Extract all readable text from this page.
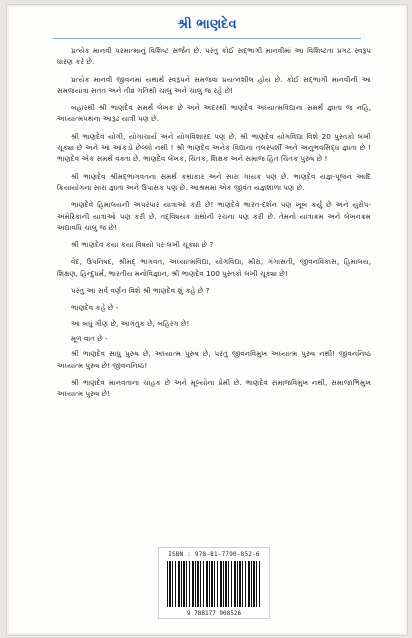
શ્રી ભાણદેવ

પ્રત્યેક માનવી પરમાત્માનું વિશિષ્ટ સર્જન છે. પરંતુ કોઈ સદ્‌ભાગી માનવીમાં આ વિશિષ્ટતા પ્રગટ સ્વરૂપ ધારણ કરે છે.

પ્રત્યેક માનવી જીવનમાં યથાર્થ સ્વરૂપને સમજવા પ્રયત્નશીલ હોય છે. કોઈ સદ્‌ભાગી માનવીની આ સમજયાત્રા સતત અને તીવ્ર ગતિથી ચાલુ અને ચાલુ જ રહે છે!

બહારથી શ્રી ભાણદેવ સમર્થ લેખક છે અને અંદરથી ભાણદેવ અધ્યાત્મવિદ્યાના સમર્થ જ્ઞાતા જ નહિ, અધ્યાત્મપથના આરૂઢ યાત્રી પણ છે.

શ્રી ભાણદેવ યોગી, યોગાચાર્ય અને યોગવિશારદ પણ છે. શ્રી ભાણદેવ યોગવિદ્યા વિશે 20 પુસ્તકો લખી ચૂક્યા છે અને આ આંકડો છેલ્લો નથી ! શ્રી ભાણદેવ અનેક વિદ્યાના તલસ્પર્શી અને અનુભવસિદ્ધ જ્ઞાતા છે ! ભાણદેવ એક સમર્થ વક્તા છે. ભાણદેવ લેખક, ચિંતક, શિક્ષક અને સમાજ હિત ચિંતક પુરુષ છે !

શ્રી ભાણદેવ શ્રીમદ્‌ભાગવતના સમર્થ કથાકાર અને સારા ગાયક પણ છે. ભાણદેવ યજ્ઞ-પૂજન આદિ ક્રિયાયોગના સારા જ્ઞાતા અને ઉપાસક પણ છે. આશ્રમમાં એક જીવંત યજ્ઞશાળા પણ છે.

ભાણદેવે હિમાલયની અપરંપાર યાત્રાઓ કરી છે! ભાણદેવે ભારત-દર્શન પણ ખૂબ કર્યું છે અને યુરોપ-અમેરિકાની યાત્રાઓ પણ કરી છે. તદ્‌વિષયક ગ્રંથોની રચના પણ કરી છે. તેમનો યાત્રાક્રમ અને લેખનક્રમ અદ્યાવધિ ચાલુ જ છે!

શ્રી ભાણદેવ કયા કયા વિષયો પર લખી ચૂક્યા છે ?

વેદ, ઉપનિષદ, શ્રીમદ્ ભાગવત, અધ્યાત્મવિદ્યા, યોગવિદ્યા, મીરાં, ગંગાસતી, જીવનવિકાસ, હિમાલય, શિક્ષણ, હિન્દુધર્મ, ભારતીય મનોવિજ્ઞાન, શ્રી ભાણદેવ 100 પુસ્તકો લખી ચૂક્યા છે!

પરંતુ આ સર્વ વર્ણન વિશે શ્રી ભાણદેવ શું કહે છે ?

ભાણદેવ કહે છે -

આ બધું ગૌણ છે, આગંતુક છે, બહિરંગ છે!

મૂળ વાત છે -

શ્રી ભાણદેવ સાધુ પુરુષ છે, અધ્યાત્મ પુરુષ છે, પરંતુ જીવનવિમુખ અધ્યાત્મ પુરુષ નથી! જીવનનિષ્ઠ અધ્યાત્મ પુરુષ છે! જીવનનિષ્ઠ!

શ્રી ભાણદેવ માનવતાના ચાહક છે અને મૂલ્યોના પ્રેમી છે. ભાણદેવ સમાજવિમુખ નથી, સમાજાભિમુખ અધ્યાત્મ પુરુષ છે!

ISBN : 978-81-7790-852-6
9 788177 908526
